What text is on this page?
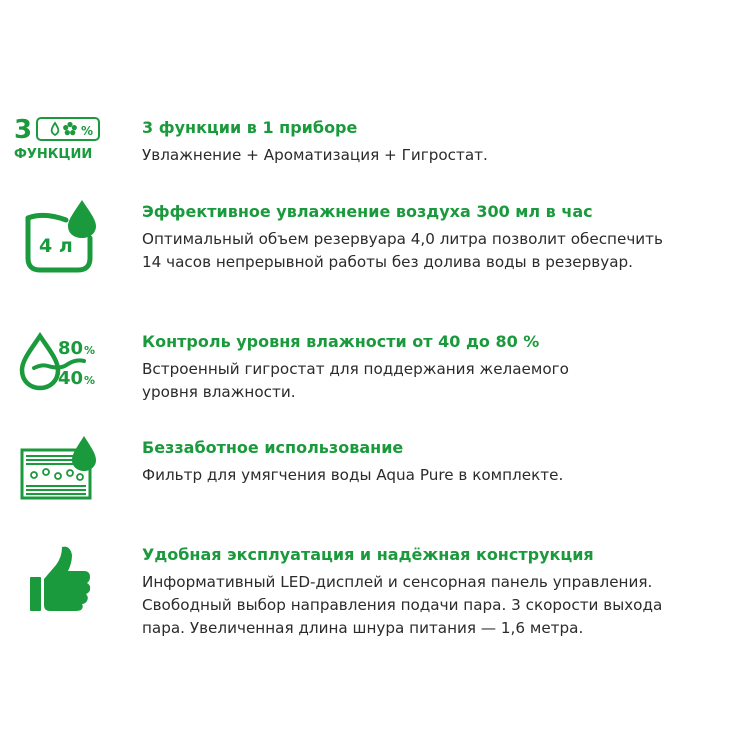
3	%
ФУНКЦИИ

3 функции в 1 приборе

Увлажнение + Ароматизация + Гигростат.
4 л

Эффективное увлажнение воздуха 300 мл в час

Оптимальный объем резервуара 4,0 литра позволит обеспечить
14 часов непрерывной работы без долива воды в резервуар.
80 %
40 %

Контроль уровня влажности от 40 до 80 %

Встроенный гигростат для поддержания желаемого
уровня влажности.

Беззаботное использование

Фильтр для умягчения воды Aqua Pure в комплекте.

Удобная эксплуатация и надёжная конструкция

Информативный LED-дисплей и сенсорная панель управления.
Свободный выбор направления подачи пара. 3 скорости выхода
пара. Увеличенная длина шнура питания — 1,6 метра.
